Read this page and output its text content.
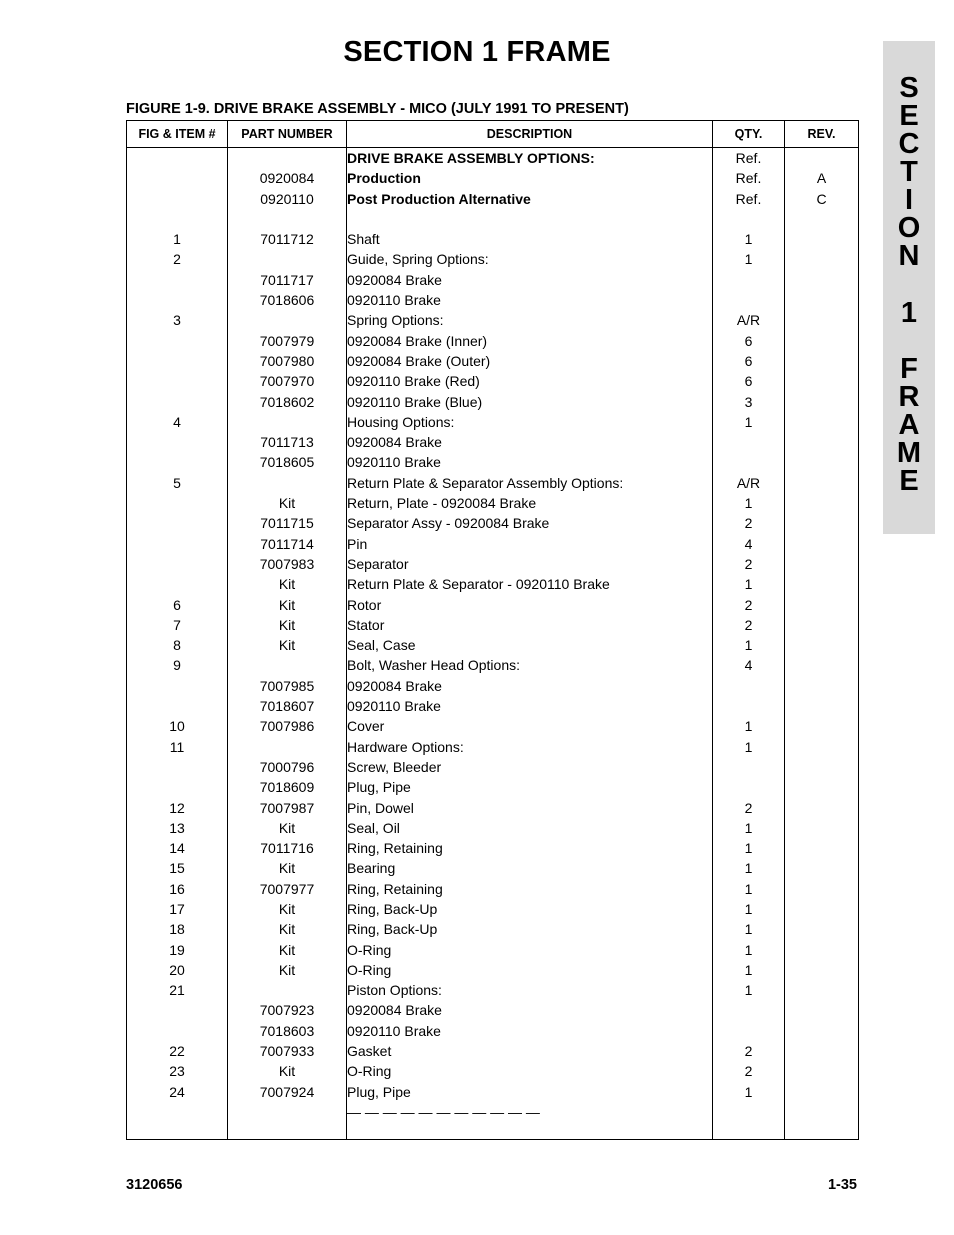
SECTION 1 FRAME
S
E
C
T
I
O
N
1
F
R
A
M
E
FIGURE 1-9. DRIVE BRAKE ASSEMBLY - MICO (JULY 1991 TO PRESENT)
FIG & ITEM #	PART NUMBER	DESCRIPTION	QTY.	REV.
		DRIVE BRAKE ASSEMBLY OPTIONS:	Ref.	
	0920084	Production	Ref.	A
	0920110	Post Production Alternative	Ref.	C

1	7011712	Shaft	1	
2		Guide, Spring Options:	1	
	7011717	0920084 Brake		
	7018606	0920110 Brake		
3		Spring Options:	A/R	
	7007979	0920084 Brake (Inner)	6	
	7007980	0920084 Brake (Outer)	6	
	7007970	0920110 Brake (Red)	6	
	7018602	0920110 Brake (Blue)	3	
4		Housing Options:	1	
	7011713	0920084 Brake		
	7018605	0920110 Brake		
5		Return Plate & Separator Assembly Options:	A/R	
	Kit	Return, Plate - 0920084 Brake	1	
	7011715	Separator Assy - 0920084 Brake	2	
	7011714	Pin	4	
	7007983	Separator	2	
	Kit	Return Plate & Separator - 0920110 Brake	1	
6	Kit	Rotor	2	
7	Kit	Stator	2	
8	Kit	Seal, Case	1	
9		Bolt, Washer Head Options:	4	
	7007985	0920084 Brake		
	7018607	0920110 Brake		
10	7007986	Cover	1	
11		Hardware Options:	1	
	7000796	Screw, Bleeder		
	7018609	Plug, Pipe		
12	7007987	Pin, Dowel	2	
13	Kit	Seal, Oil	1	
14	7011716	Ring, Retaining	1	
15	Kit	Bearing	1	
16	7007977	Ring, Retaining	1	
17	Kit	Ring, Back-Up	1	
18	Kit	Ring, Back-Up	1	
19	Kit	O-Ring	1	
20	Kit	O-Ring	1	
21		Piston Options:	1	
	7007923	0920084 Brake		
	7018603	0920110 Brake		
22	7007933	Gasket	2	
23	Kit	O-Ring	2	
24	7007924	Plug, Pipe	1	
		— — — — — — — — — — —		

3120656	1-35
